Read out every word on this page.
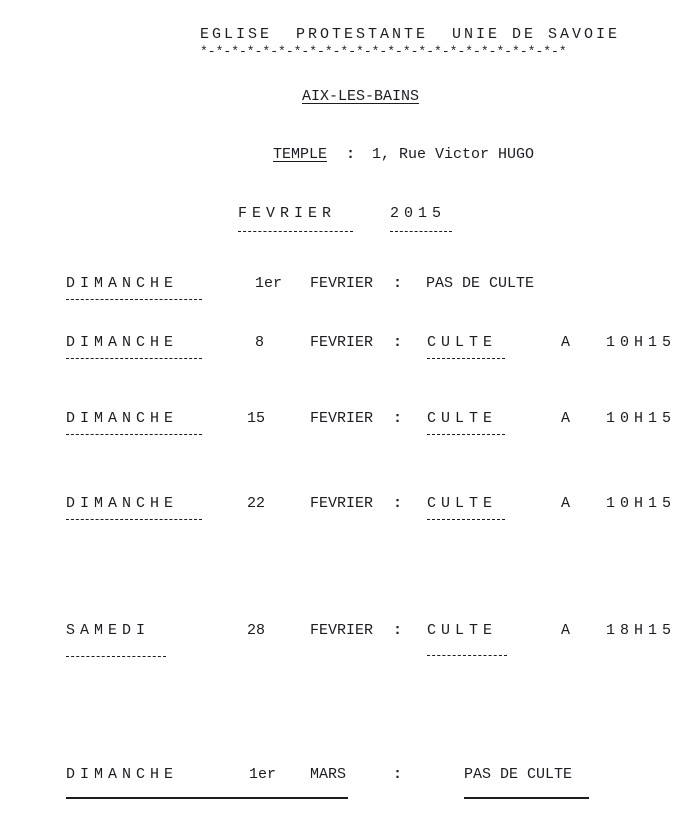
EGLISE  PROTESTANTE  UNIE DE SAVOIE
*-*-*-*-*-*-*-*-*-*-*-*-*-*-*-*-*-*-*-*-*-*-*-*
AIX-LES-BAINS
TEMPLE : 1, Rue Victor HUGO
FEVRIER	2015
DIMANCHE	1er FEVRIER : PAS DE CULTE
DIMANCHE	8	FEVRIER : CULTE	A 10H15
DIMANCHE	15	FEVRIER : CULTE	A 10H15
DIMANCHE	22	FEVRIER : CULTE	A 10H15
SAMEDI	28	FEVRIER : CULTE	A 18H15
DIMANCHE	1er MARS	:	PAS DE CULTE
